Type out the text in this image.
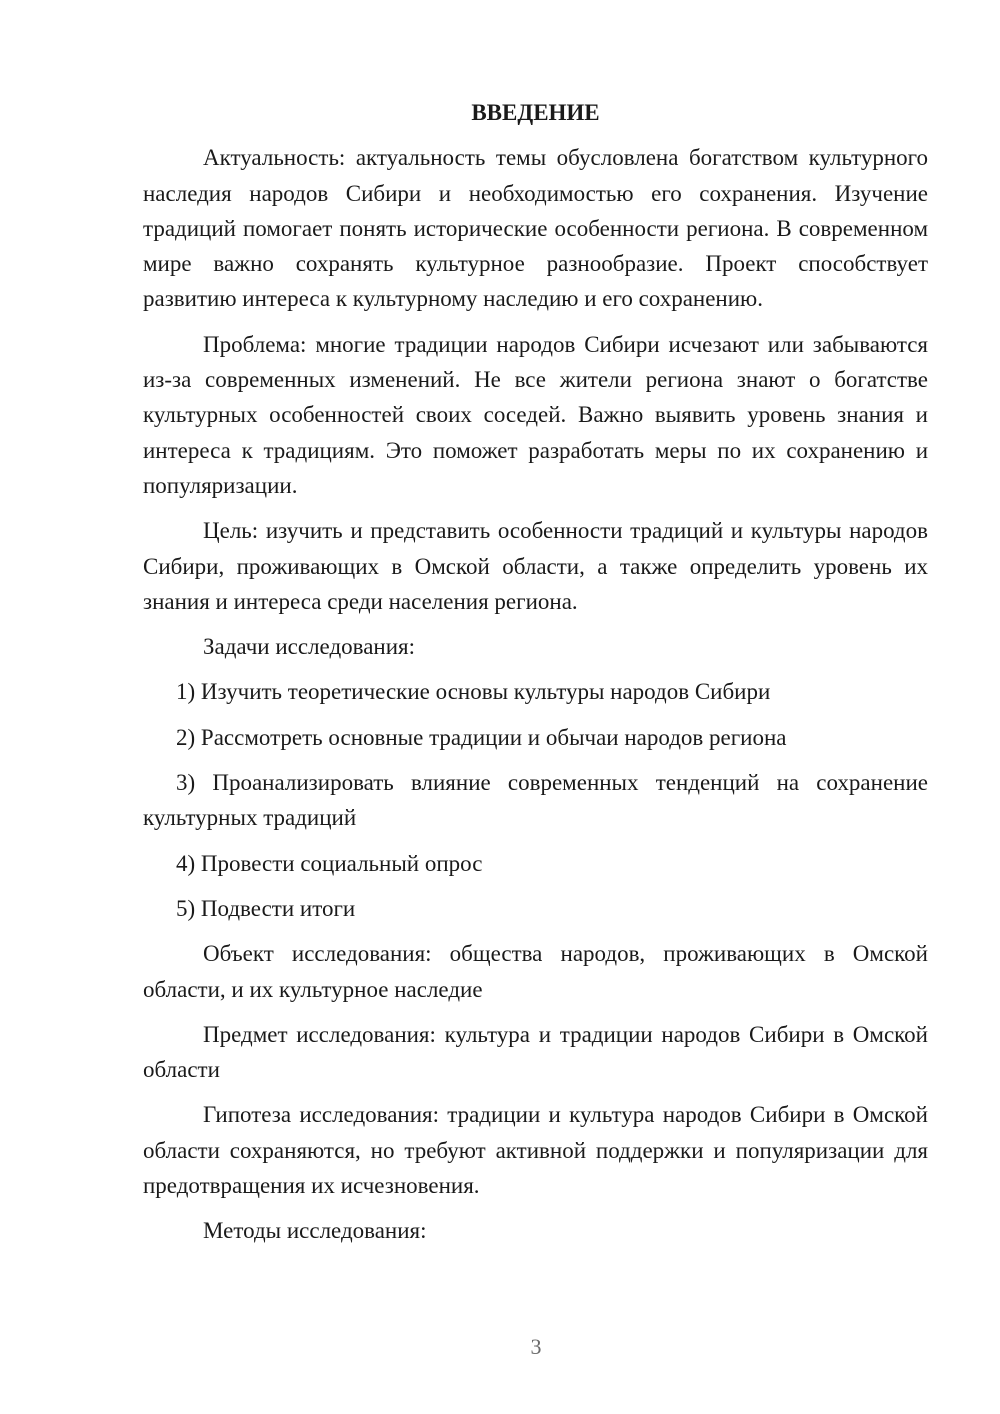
ВВЕДЕНИЕ

Актуальность: актуальность темы обусловлена богатством культурного наследия народов Сибири и необходимостью его сохранения. Изучение традиций помогает понять исторические особенности региона. В современном мире важно сохранять культурное разнообразие. Проект способствует развитию интереса к культурному наследию и его сохранению.

Проблема: многие традиции народов Сибири исчезают или забываются из-за современных изменений. Не все жители региона знают о богатстве культурных особенностей своих соседей. Важно выявить уровень знания и интереса к традициям. Это поможет разработать меры по их сохранению и популяризации.

Цель: изучить и представить особенности традиций и культуры народов Сибири, проживающих в Омской области, а также определить уровень их знания и интереса среди населения региона.

Задачи исследования:

1) Изучить теоретические основы культуры народов Сибири

2) Рассмотреть основные традиции и обычаи народов региона

3) Проанализировать влияние современных тенденций на сохранение культурных традиций

4) Провести социальный опрос

5) Подвести итоги

Объект исследования: общества народов, проживающих в Омской области, и их культурное наследие

Предмет исследования: культура и традиции народов Сибири в Омской области

Гипотеза исследования: традиции и культура народов Сибири в Омской области сохраняются, но требуют активной поддержки и популяризации для предотвращения их исчезновения.

Методы исследования:

3
